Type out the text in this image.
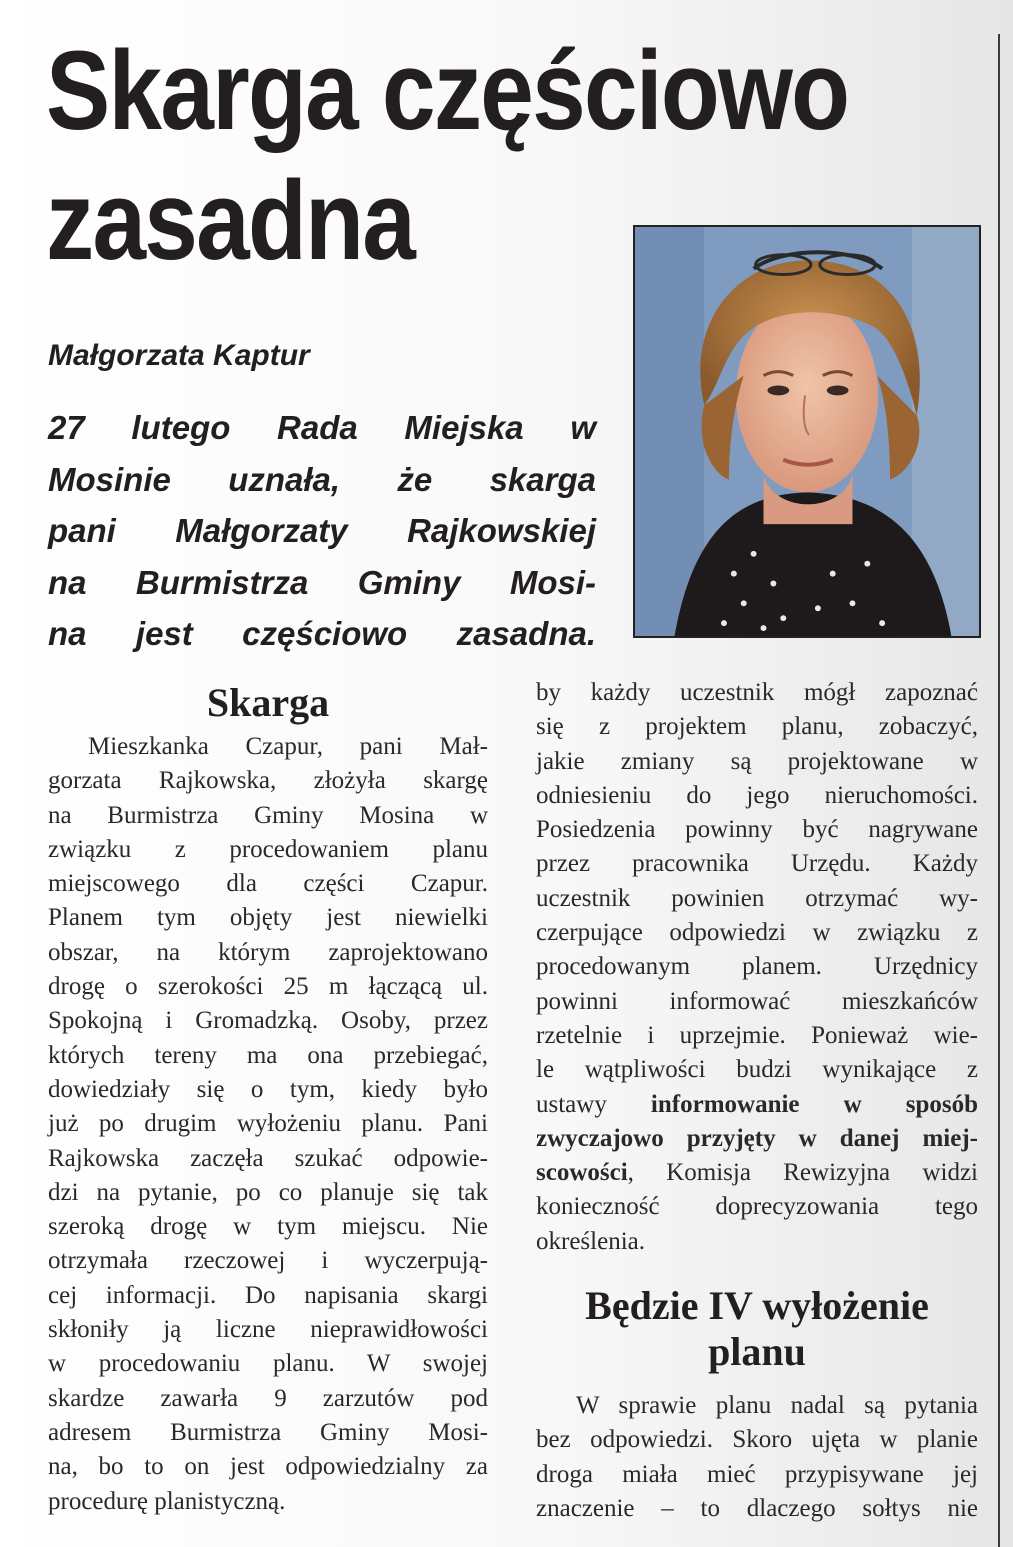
Skarga częściowo
zasadna

Małgorzata Kaptur

27 lutego Rada Miejska w
Mosinie uznała, że skarga
pani Małgorzaty Rajkowskiej
na Burmistrza Gminy Mosi-
na jest częściowo zasadna.

Skarga

Mieszkanka Czapur, pani Mał-
gorzata Rajkowska, złożyła skargę
na Burmistrza Gminy Mosina w
związku z procedowaniem planu
miejscowego dla części Czapur.
Planem tym objęty jest niewielki
obszar, na którym zaprojektowano
drogę o szerokości 25 m łączącą ul.
Spokojną i Gromadzką. Osoby, przez
których tereny ma ona przebiegać,
dowiedziały się o tym, kiedy było
już po drugim wyłożeniu planu. Pani
Rajkowska zaczęła szukać odpowie-
dzi na pytanie, po co planuje się tak
szeroką drogę w tym miejscu. Nie
otrzymała rzeczowej i wyczerpują-
cej informacji. Do napisania skargi
skłoniły ją liczne nieprawidłowości
w procedowaniu planu. W swojej
skardze zawarła 9 zarzutów pod
adresem Burmistrza Gminy Mosi-
na, bo to on jest odpowiedzialny za
procedurę planistyczną.

by każdy uczestnik mógł zapoznać
się z projektem planu, zobaczyć,
jakie zmiany są projektowane w
odniesieniu do jego nieruchomości.
Posiedzenia powinny być nagrywane
przez pracownika Urzędu. Każdy
uczestnik powinien otrzymać wy-
czerpujące odpowiedzi w związku z
procedowanym planem. Urzędnicy
powinni informować mieszkańców
rzetelnie i uprzejmie. Ponieważ wie-
le wątpliwości budzi wynikające z
ustawy informowanie w sposób
zwyczajowo przyjęty w danej miej-
scowości, Komisja Rewizyjna widzi
konieczność doprecyzowania tego
określenia.

Będzie IV wyłożenie
planu

W sprawie planu nadal są pytania
bez odpowiedzi. Skoro ujęta w planie
droga miała mieć przypisywane jej
znaczenie – to dlaczego sołtys nie
